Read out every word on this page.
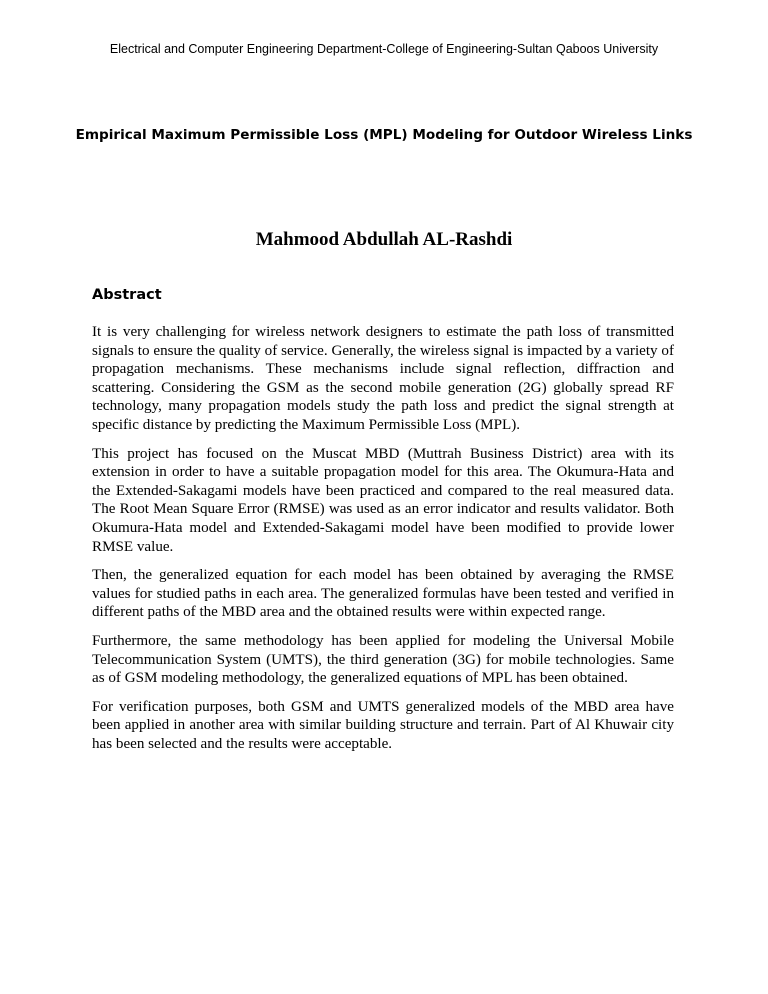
Electrical and Computer Engineering Department-College of Engineering-Sultan Qaboos University
Empirical Maximum Permissible Loss (MPL) Modeling for Outdoor Wireless Links
Mahmood Abdullah AL-Rashdi
Abstract

It is very challenging for wireless network designers to estimate the path loss of transmitted signals to ensure the quality of service. Generally, the wireless signal is impacted by a variety of propagation mechanisms. These mechanisms include signal reflection, diffraction and scattering. Considering the GSM as the second mobile generation (2G) globally spread RF technology, many propagation models study the path loss and predict the signal strength at specific distance by predicting the Maximum Permissible Loss (MPL).

This project has focused on the Muscat MBD (Muttrah Business District) area with its extension in order to have a suitable propagation model for this area. The Okumura-Hata and the Extended-Sakagami models have been practiced and compared to the real measured data. The Root Mean Square Error (RMSE) was used as an error indicator and results validator. Both Okumura-Hata model and Extended-Sakagami model have been modified to provide lower RMSE value.

Then, the generalized equation for each model has been obtained by averaging the RMSE values for studied paths in each area. The generalized formulas have been tested and verified in different paths of the MBD area and the obtained results were within expected range.

Furthermore, the same methodology has been applied for modeling the Universal Mobile Telecommunication System (UMTS), the third generation (3G) for mobile technologies. Same as of GSM modeling methodology, the generalized equations of MPL has been obtained.

For verification purposes, both GSM and UMTS generalized models of the MBD area have been applied in another area with similar building structure and terrain. Part of Al Khuwair city has been selected and the results were acceptable.
